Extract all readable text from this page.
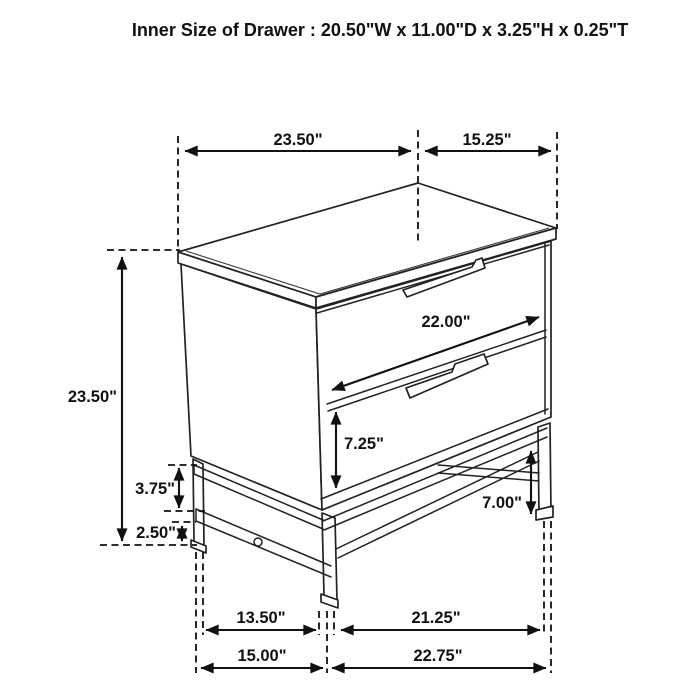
Inner Size of Drawer : 20.50"W x 11.00"D x 3.25"H x 0.25"T
23.50"	15.25"
23.50"
22.00"
7.25"
3.75"
2.50"
7.00"
13.50"	21.25"
15.00"	22.75"
